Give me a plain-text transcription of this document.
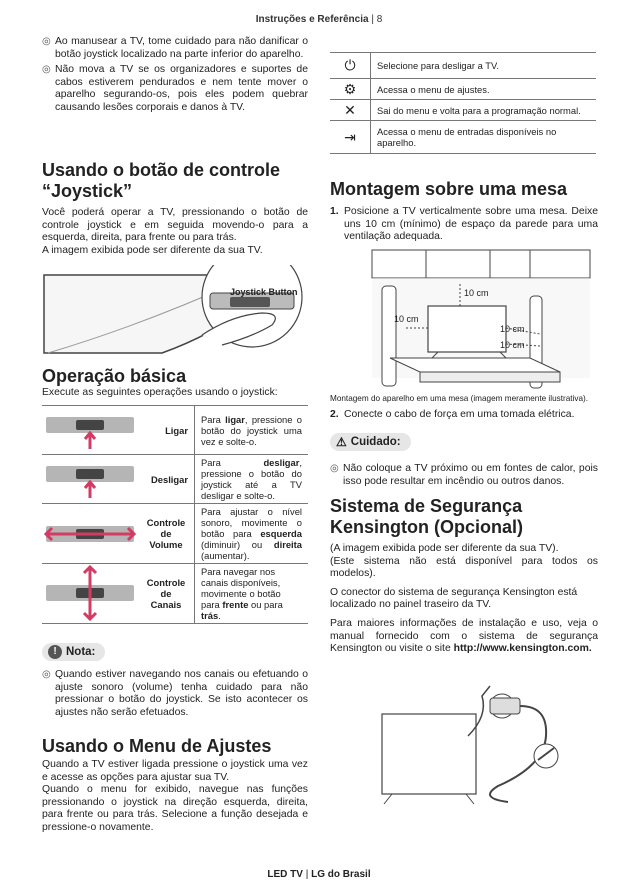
Instruções e Referência | 8
◎ Ao manusear a TV, tome cuidado para não danificar o botão joystick localizado na parte inferior do aparelho.
◎ Não mova a TV se os organizadores e suportes de cabos estiverem pendurados e nem tente mover o aparelho segurando-os, pois eles podem quebrar causando lesões corporais e danos à TV.
Usando o botão de controle “Joystick”

Você poderá operar a TV, pressionando o botão de controle joystick e em seguida movendo-o para a esquerda, direita, para frente ou para trás.

A imagem exibida pode ser diferente da sua TV.

Joystick Button
Operação básica

Execute as seguintes operações usando o joystick:

	Ligar	Para ligar, pressione o botão do joystick uma vez e solte-o.
	Desligar	Para desligar, pressione o botão do joystick até a TV desligar e solte-o.
	Controle de Volume	Para ajustar o nível sonoro, movimente o botão para esquerda (diminuir) ou direita (aumentar).
	Controle de Canais	Para navegar nos canais disponíveis, movimente o botão para frente ou para trás.
! Nota:
◎ Quando estiver navegando nos canais ou efetuando o ajuste sonoro (volume) tenha cuidado para não pressionar o botão do joystick. Se isto acontecer os ajustes não serão efetuados.
Usando o Menu de Ajustes

Quando a TV estiver ligada pressione o joystick uma vez e acesse as opções para ajustar sua TV.

Quando o menu for exibido, navegue nas funções pressionando o joystick na direção esquerda, direita, para frente ou para trás. Selecione a função desejada e pressione-o novamente.

⏻	Selecione para desligar a TV.
⚙	Acessa o menu de ajustes.
✕	Sai do menu e volta para a programação normal.
⇥	Acessa o menu de entradas disponíveis no aparelho.
Montagem sobre uma mesa
1. Posicione a TV verticalmente sobre uma mesa. Deixe uns 10 cm (mínimo) de espaço da parede para uma ventilação adequada.
10 cm
10 cm
10 cm
10 cm

Montagem do aparelho em uma mesa (imagem meramente ilustrativa).

2. Conecte o cabo de força em uma tomada elétrica.
⚠ Cuidado:
◎ Não coloque a TV próximo ou em fontes de calor, pois isso pode resultar em incêndio ou outros danos.
Sistema de Segurança Kensington (Opcional)

(A imagem exibida pode ser diferente da sua TV).

(Este sistema não está disponível para todos os modelos).

O conector do sistema de segurança Kensington está localizado no painel traseiro da TV.

Para maiores informações de instalação e uso, veja o manual fornecido com o sistema de segurança Kensington ou visite o site http://www.kensington.com.

LED TV | LG do Brasil
